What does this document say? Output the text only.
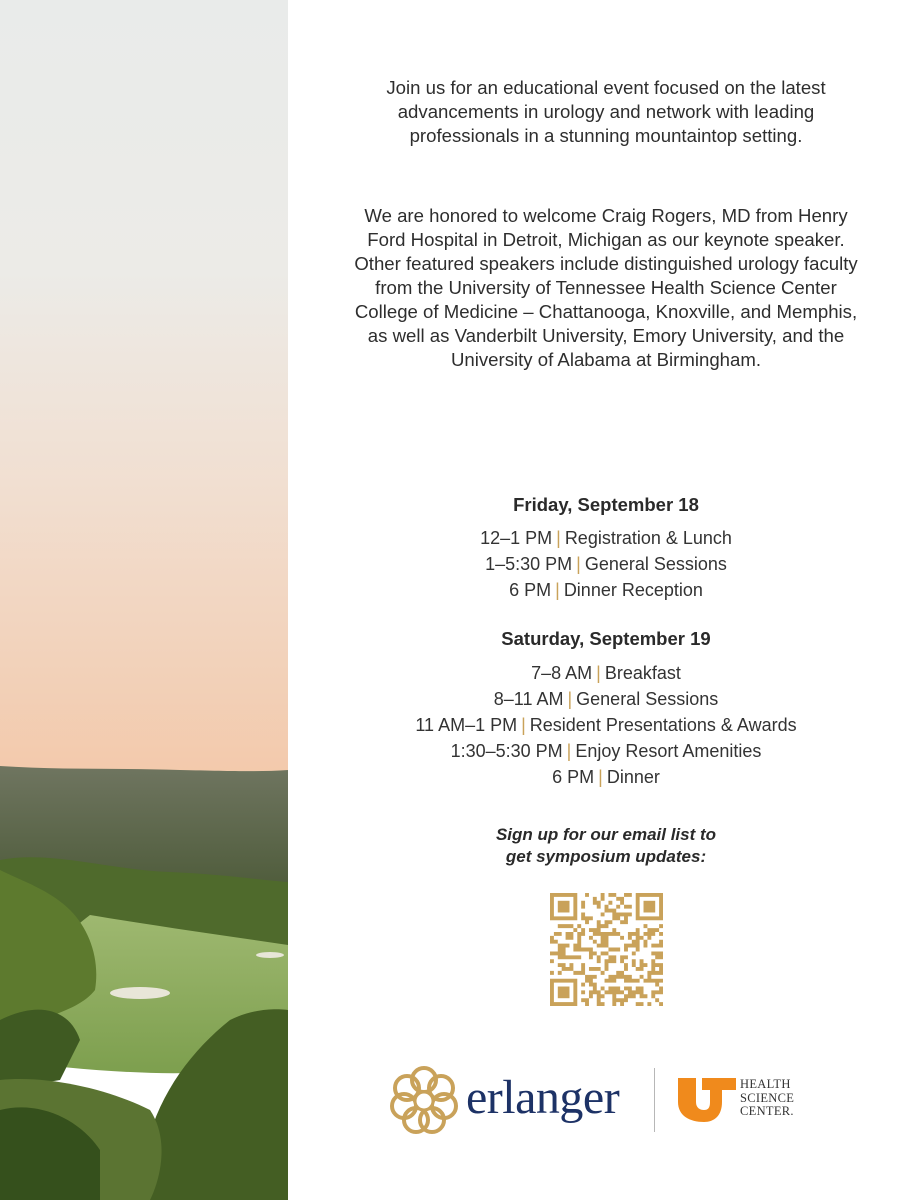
Join us for an educational event focused on the latest advancements in urology and network with leading professionals in a stunning mountaintop setting.

We are honored to welcome Craig Rogers, MD from Henry Ford Hospital in Detroit, Michigan as our keynote speaker. Other featured speakers include distinguished urology faculty from the University of Tennessee Health Science Center College of Medicine – Chattanooga, Knoxville, and Memphis, as well as Vanderbilt University, Emory University, and the University of Alabama at Birmingham.

Friday, September 18

12–1 PM | Registration & Lunch
1–5:30 PM | General Sessions
6 PM | Dinner Reception

Saturday, September 19

7–8 AM | Breakfast
8–11 AM | General Sessions
11 AM–1 PM | Resident Presentations & Awards
1:30–5:30 PM | Enjoy Resort Amenities
6 PM | Dinner
Sign up for our email list to
get symposium updates:
erlanger	HEALTH
SCIENCE
CENTER.
